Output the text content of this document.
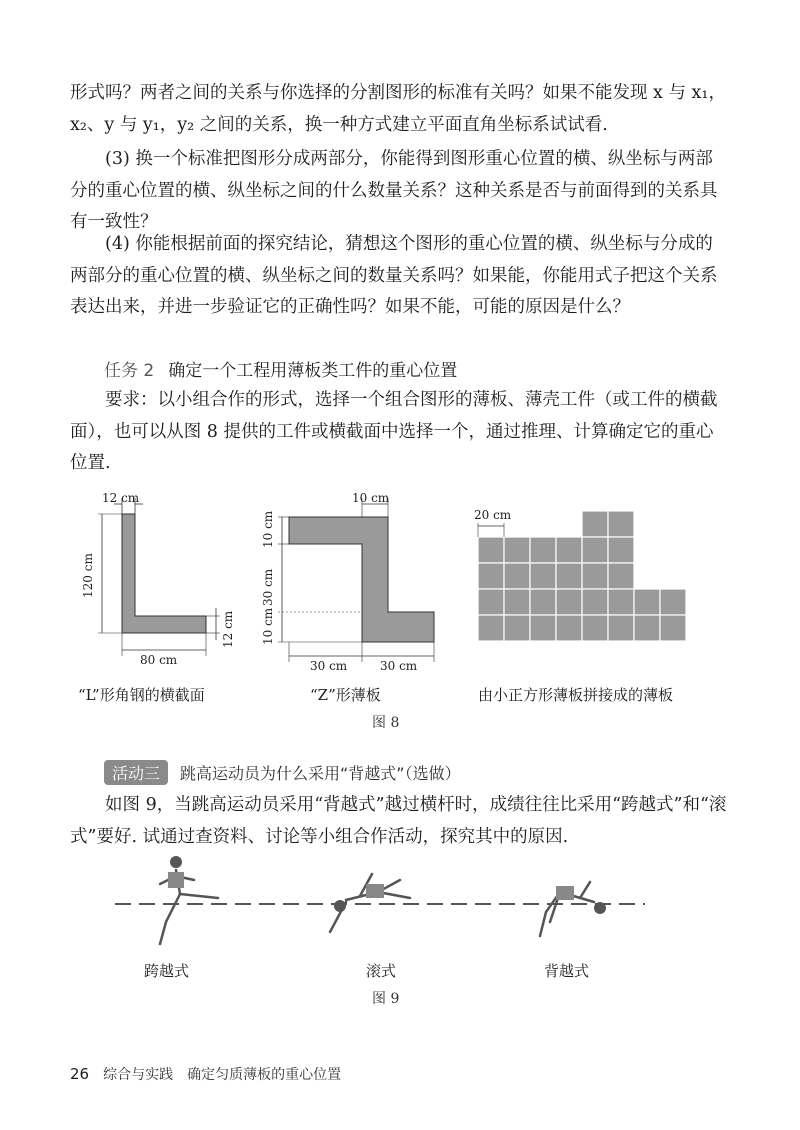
形式吗？两者之间的关系与你选择的分割图形的标准有关吗？如果不能发现 x 与 x₁，x₂、y 与 y₁，y₂ 之间的关系，换一种方式建立平面直角坐标系试试看.

(3) 换一个标准把图形分成两部分，你能得到图形重心位置的横、纵坐标与两部分的重心位置的横、纵坐标之间的什么数量关系？这种关系是否与前面得到的关系具有一致性？

(4) 你能根据前面的探究结论，猜想这个图形的重心位置的横、纵坐标与分成的两部分的重心位置的横、纵坐标之间的数量关系吗？如果能，你能用式子把这个关系表达出来，并进一步验证它的正确性吗？如果不能，可能的原因是什么？

任务 2 确定一个工程用薄板类工件的重心位置

要求：以小组合作的形式，选择一个组合图形的薄板、薄壳工件（或工件的横截面），也可以从图 8 提供的工件或横截面中选择一个，通过推理、计算确定它的重心位置.

12 cm
120 cm
80 cm
12 cm
“L”形角钢的横截面
10 cm
10 cm
30 cm
10 cm
30 cm	30 cm
“Z”形薄板
20 cm
由小正方形薄板拼接成的薄板
图 8
活动三 跳高运动员为什么采用“背越式”（选做）

如图 9，当跳高运动员采用“背越式”越过横杆时，成绩往往比采用“跨越式”和“滚式”要好. 试通过查资料、讨论等小组合作活动，探究其中的原因.

跨越式	滚式	背越式
图 9
26 综合与实践　确定匀质薄板的重心位置
